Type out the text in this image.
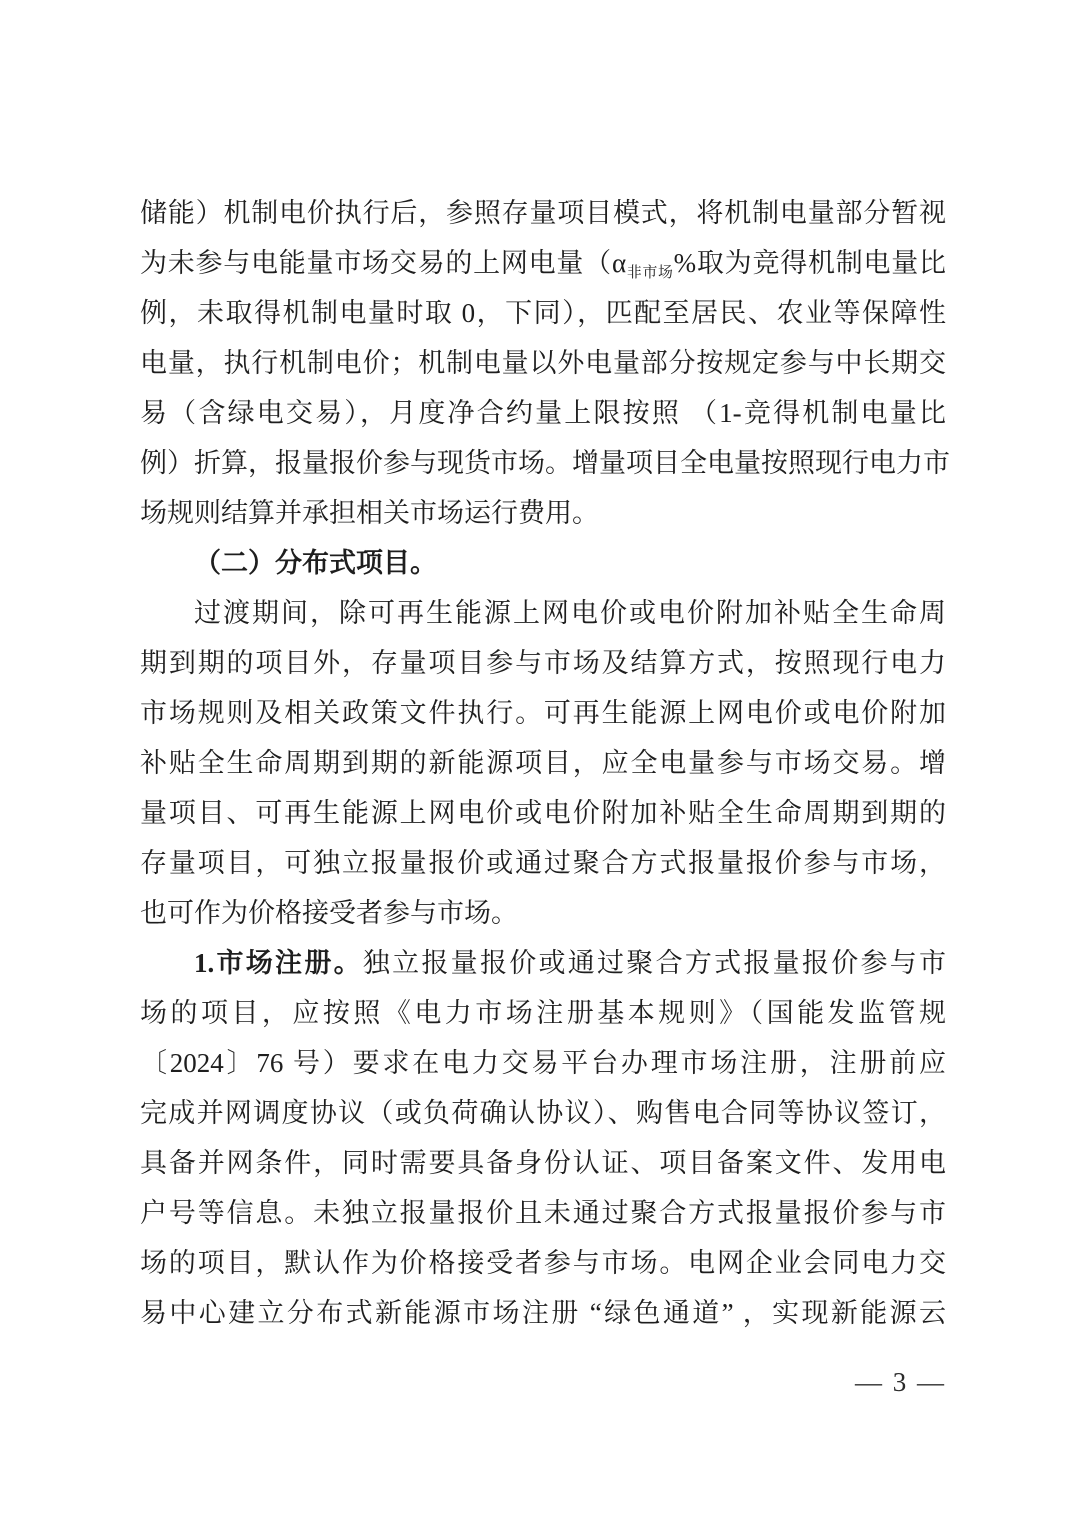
储能）机制电价执行后，参照存量项目模式，将机制电量部分暂视
为未参与电能量市场交易的上网电量（$\alpha_{非市场}\%$取为竞得机制电量比
例，未取得机制电量时取 0，下同），匹配至居民、农业等保障性
电量，执行机制电价；机制电量以外电量部分按规定参与中长期交
易（含绿电交易），月度净合约量上限按照 （1-竞得机制电量比
例）折算，报量报价参与现货市场。增量项目全电量按照现行电力市
场规则结算并承担相关市场运行费用。
（二）分布式项目。
过渡期间，除可再生能源上网电价或电价附加补贴全生命周
期到期的项目外，存量项目参与市场及结算方式，按照现行电力
市场规则及相关政策文件执行。可再生能源上网电价或电价附加
补贴全生命周期到期的新能源项目，应全电量参与市场交易。增
量项目、可再生能源上网电价或电价附加补贴全生命周期到期的
存量项目，可独立报量报价或通过聚合方式报量报价参与市场，
也可作为价格接受者参与市场。
1.市场注册。独立报量报价或通过聚合方式报量报价参与市
场的项目，应按照《电力市场注册基本规则》（国能发监管规
〔2024〕76 号）要求在电力交易平台办理市场注册，注册前应
完成并网调度协议（或负荷确认协议）、购售电合同等协议签订，
具备并网条件，同时需要具备身份认证、项目备案文件、发用电
户号等信息。未独立报量报价且未通过聚合方式报量报价参与市
场的项目，默认作为价格接受者参与市场。电网企业会同电力交
易中心建立分布式新能源市场注册 “绿色通道” ，实现新能源云
— 3 —
